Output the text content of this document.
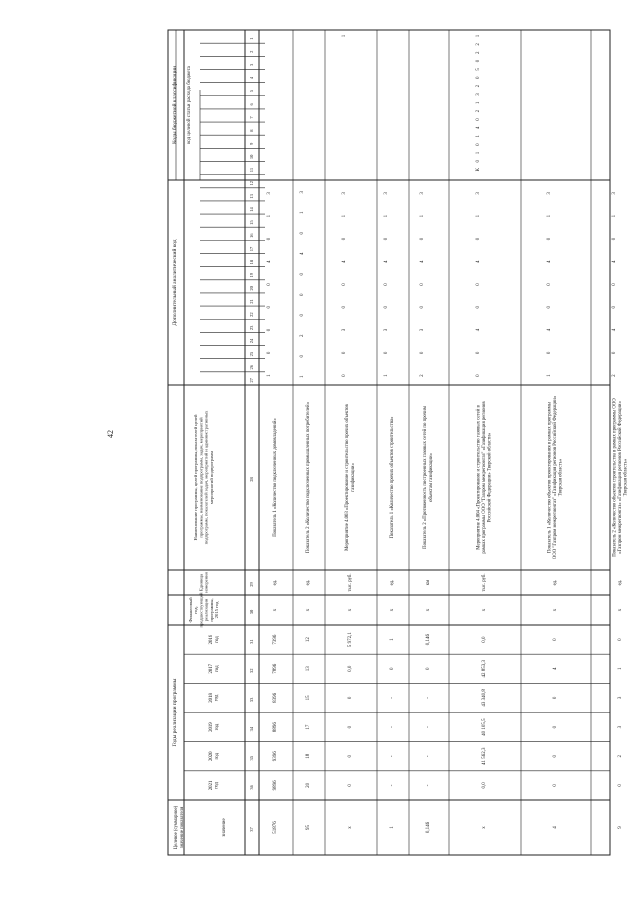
42
Коды бюджетной классификации код целевой статьи расхода бюджета
Дополнительный аналитический код
Наименование программы, целей программы,показателей целей программы, наименование подпрограмм, задач, мероприятий подпрограмм, показателей задач, мероприятий и административных мероприятий подпрограмм
Единица измерения
Финансовый год, предшествующий реализации программы, 2015 год
Годы реализации программы
Целевое (суммарное) значение показателя	значение
1
2
3
4
5
6
7
8
9
10
11
12
13
14
15
16
17
18
19
20
21
22
23
24
25
26
27
2016 год
2017 год
2018 год
2019 год
2020 год
2021 год
28
29
30
31
32
33
34
35
36
37
3
1
0
4
0
0
0
0
1
Показатель 1 «Количество подключенных домовладений»
ед.
х
7396
7896
8396
8896
9396
9896
51876
3
1
0
4
0
0
0
2
0
1
Показатель 2 «Количество подключенных промышленных потребителей»
ед.
х
12
13
15
17
18
20
95
3
1
0
4
0
0
3
0
0
1
Мероприятие 4.003 «Проектирование и строительство прочих объектов газификации»
тыс. руб.
х
5 972,1
0,0
0
0
0
0
х
3
1
0
4
0
0
3
0
1
Показатель 1 «Количество прочих объектов строительства»
ед.
х
1
0
-
-
-
-
1
3
1
0
4
0
0
3
0
2
Показатель 2 «Протяженность построенных газовых сетей по прочим объектам газификации»
км
х
0,146
0
-
-
-
-
0,146
3
1
0
4
0
0
4
0
0
1
2
2
0
5
0
2
3
1
2
0
4
1
0
1
0
К
Мероприятие 4.004 «Проектирование и строительство газовых сетей в рамках программы ООО "Газпром межрегионгаз" «Газификация регионов Российской Федерации» Тверской области»
тыс. руб.
х
0,0
42 853,3
43 340,8
40 105,5
41 562,3
0,0
х
3
1
0
4
0
0
4
0
1
Показатель 1 «Количество объектов проектирования в рамках программы ООО "Газпром межрегионгаз" «Газификация регионов Российской Федерации» Тверская область»
ед.
х
0
4
0
0
0
0
4
3
1
0
4
0
0
4
0
2
Показатель 2 «Количество объектов строительства в рамках программы ООО «Газпром межрегионгаз» «Газификация регионов Российской Федерации» Тверская область»
ед.
х
0
1
3
3
2
0
9
